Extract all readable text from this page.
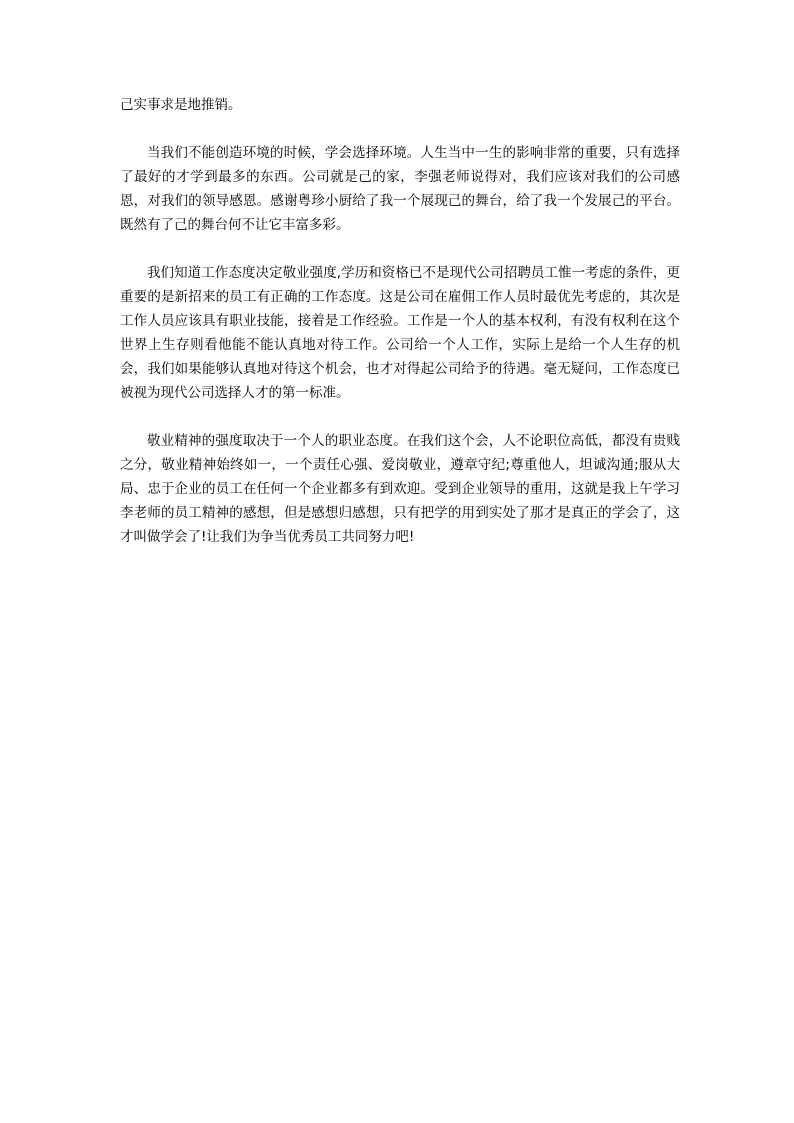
己实事求是地推销。

当我们不能创造环境的时候，学会选择环境。人生当中一生的影响非常的重要，只有选择了最好的才学到最多的东西。公司就是己的家，李强老师说得对，我们应该对我们的公司感恩，对我们的领导感恩。感谢粤珍小厨给了我一个展现己的舞台，给了我一个发展己的平台。既然有了己的舞台何不让它丰富多彩。

我们知道工作态度决定敬业强度,学历和资格已不是现代公司招聘员工惟一考虑的条件，更重要的是新招来的员工有正确的工作态度。这是公司在雇佣工作人员时最优先考虑的，其次是工作人员应该具有职业技能，接着是工作经验。工作是一个人的基本权利，有没有权利在这个世界上生存则看他能不能认真地对待工作。公司给一个人工作，实际上是给一个人生存的机会，我们如果能够认真地对待这个机会，也才对得起公司给予的待遇。毫无疑问，工作态度已被视为现代公司选择人才的第一标准。

敬业精神的强度取决于一个人的职业态度。在我们这个会，人不论职位高低，都没有贵贱之分，敬业精神始终如一，一个责任心强、爱岗敬业，遵章守纪;尊重他人，坦诚沟通;服从大局、忠于企业的员工在任何一个企业都多有到欢迎。受到企业领导的重用，这就是我上午学习李老师的员工精神的感想，但是感想归感想，只有把学的用到实处了那才是真正的学会了，这才叫做学会了!让我们为争当优秀员工共同努力吧!
